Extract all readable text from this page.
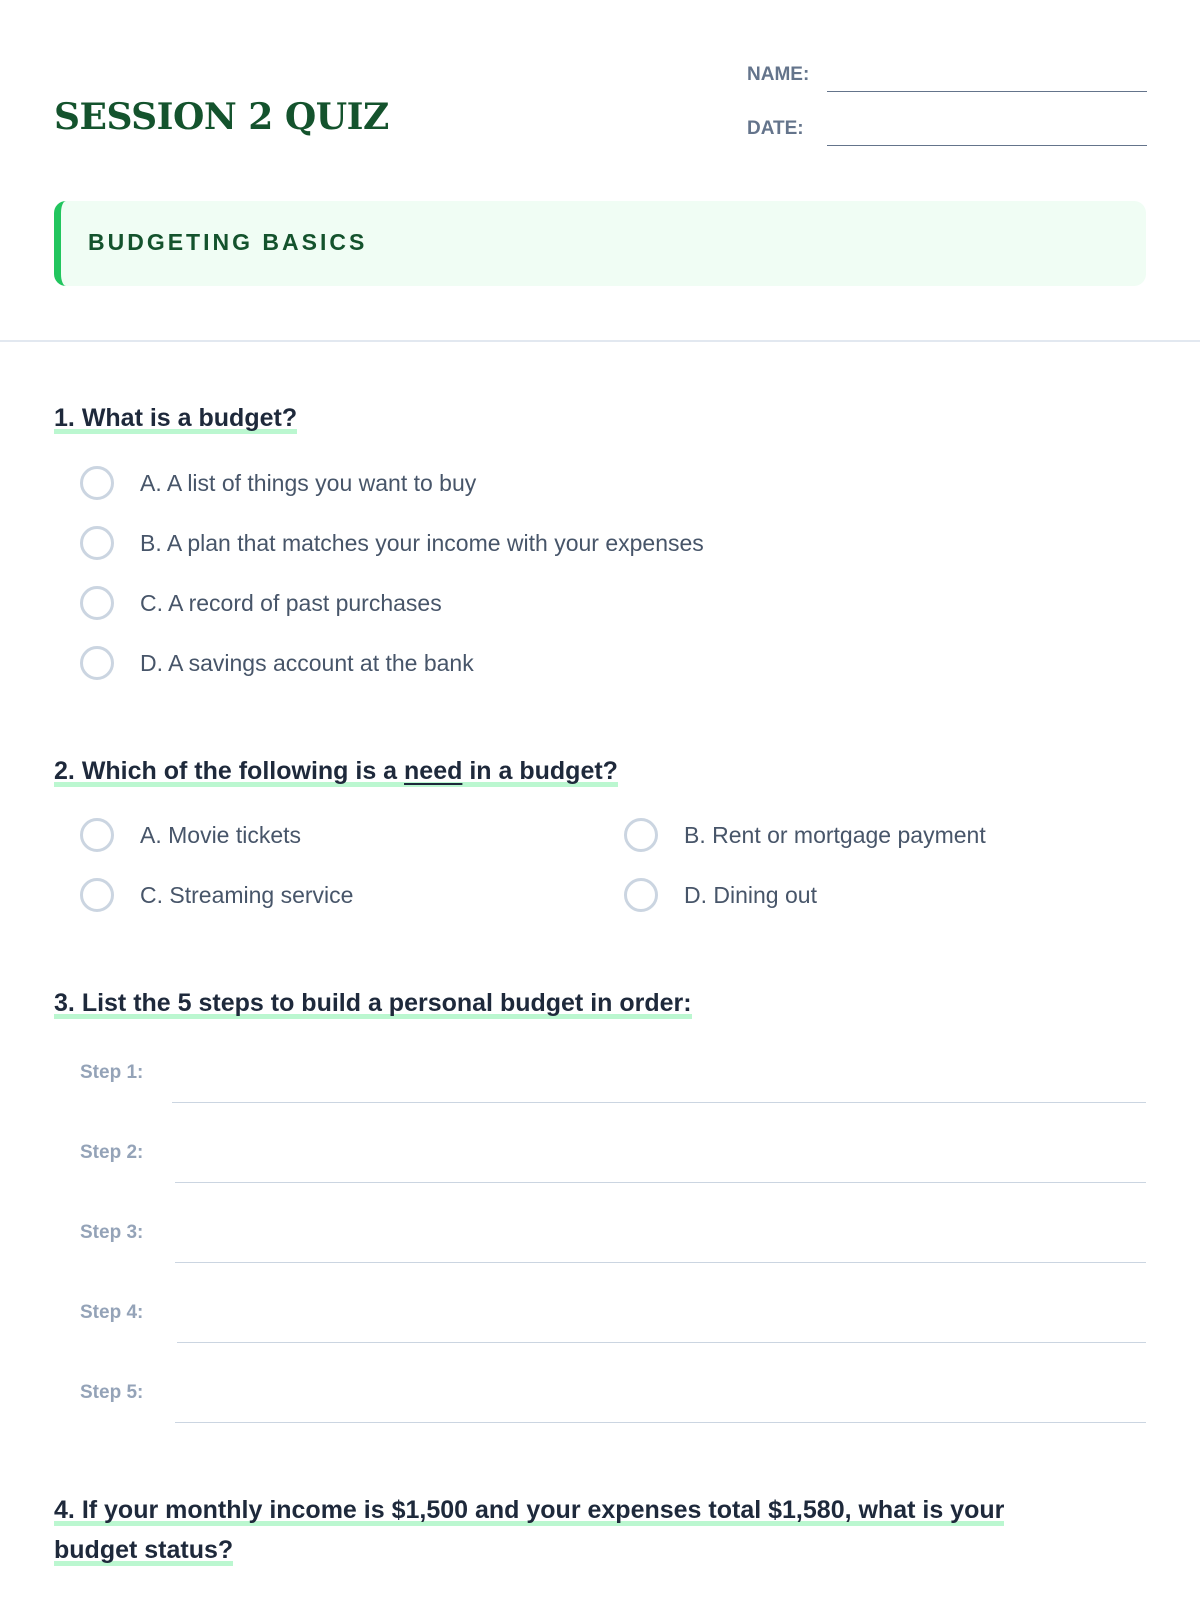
SESSION 2 QUIZ
NAME:
DATE:
BUDGETING BASICS

1. What is a budget?

A. A list of things you want to buy
B. A plan that matches your income with your expenses
C. A record of past purchases
D. A savings account at the bank

2. Which of the following is a need in a budget?

A. Movie tickets	B. Rent or mortgage payment
C. Streaming service	D. Dining out

3. List the 5 steps to build a personal budget in order:

Step 1:
Step 2:
Step 3:
Step 4:
Step 5:

4. If your monthly income is $1,500 and your expenses total $1,580, what is your
budget status?
